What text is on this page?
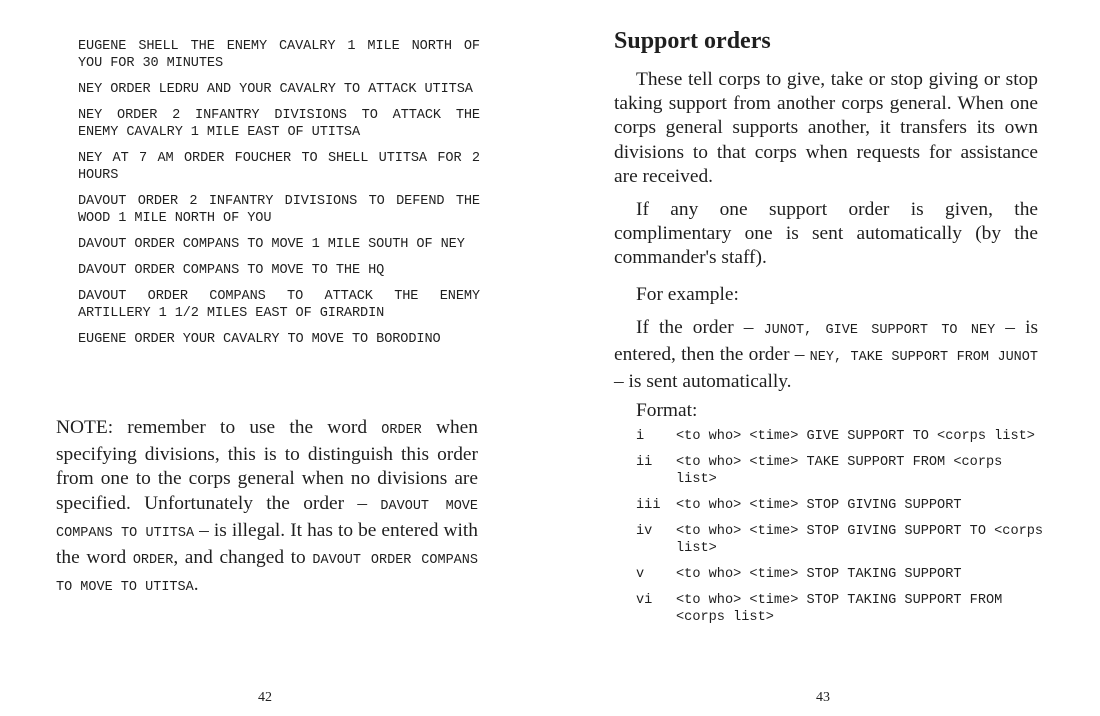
EUGENE SHELL THE ENEMY CAVALRY 1 MILE NORTH OF YOU FOR 30 MINUTES
NEY ORDER LEDRU AND YOUR CAVALRY TO ATTACK UTITSA
NEY ORDER 2 INFANTRY DIVISIONS TO ATTACK THE ENEMY CAVALRY 1 MILE EAST OF UTITSA
NEY AT 7 AM ORDER FOUCHER TO SHELL UTITSA FOR 2 HOURS
DAVOUT ORDER 2 INFANTRY DIVISIONS TO DEFEND THE WOOD 1 MILE NORTH OF YOU
DAVOUT ORDER COMPANS TO MOVE 1 MILE SOUTH OF NEY
DAVOUT ORDER COMPANS TO MOVE TO THE HQ
DAVOUT ORDER COMPANS TO ATTACK THE ENEMY ARTILLERY 1 1/2 MILES EAST OF GIRARDIN
EUGENE ORDER YOUR CAVALRY TO MOVE TO BORODINO

NOTE: remember to use the word ORDER when specifying divisions, this is to distinguish this order from one to the corps general when no divisions are specified. Unfortunately the order – DAVOUT MOVE COMPANS TO UTITSA – is illegal. It has to be entered with the word ORDER, and changed to DAVOUT ORDER COMPANS TO MOVE TO UTITSA.

42
Support orders

These tell corps to give, take or stop giving or stop taking support from another corps general. When one corps general supports another, it transfers its own divisions to that corps when requests for assistance are received.

If any one support order is given, the complimentary one is sent automatically (by the commander's staff).

For example:

If the order – JUNOT, GIVE SUPPORT TO NEY – is entered, then the order – NEY, TAKE SUPPORT FROM JUNOT – is sent automatically.

Format:

i	<to who> <time> GIVE SUPPORT TO <corps list>
ii	<to who> <time> TAKE SUPPORT FROM <corps list>
iii	<to who> <time> STOP GIVING SUPPORT
iv	<to who> <time> STOP GIVING SUPPORT TO <corps list>
v	<to who> <time> STOP TAKING SUPPORT
vi	<to who> <time> STOP TAKING SUPPORT FROM <corps list>
43
